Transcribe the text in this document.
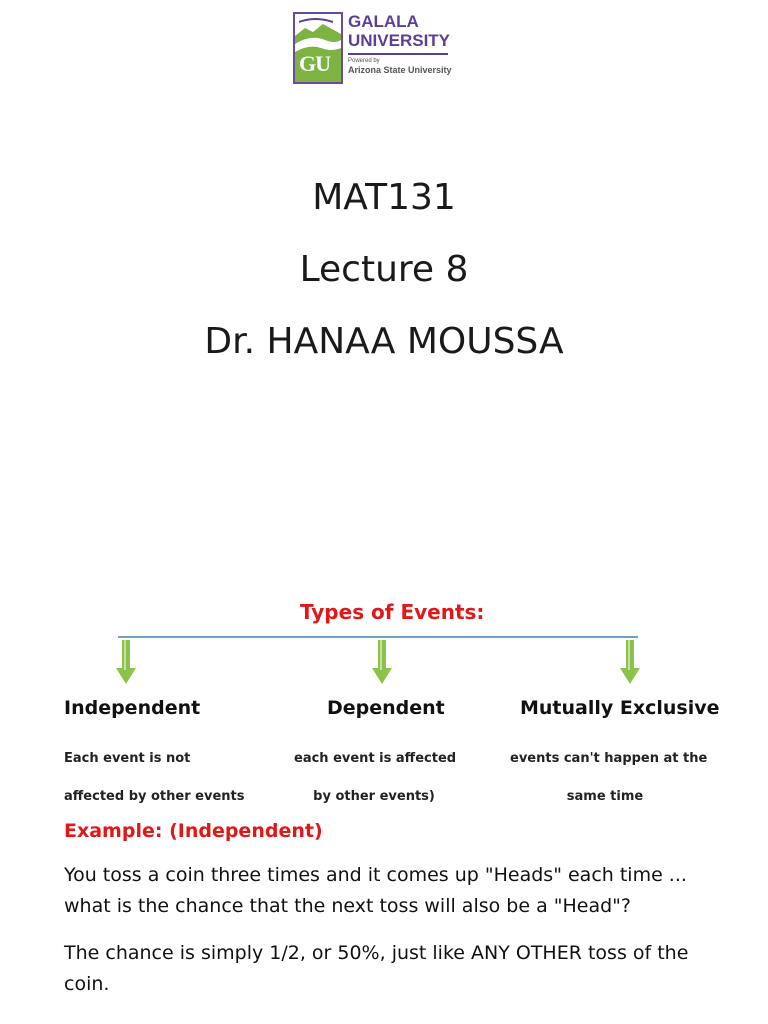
GU
GALALA
UNIVERSITY
Powered by
Arizona State University
MAT131
Lecture 8
Dr. HANAA MOUSSA
Types of Events:
Independent	Dependent	Mutually Exclusive
Each event is not
affected by other events
each event is affected
by other events)
events can't happen at the
same time
Example: (Independent)
You toss a coin three times and it comes up "Heads" each time ... what is the chance that the next toss will also be a "Head"?
The chance is simply 1/2, or 50%, just like ANY OTHER toss of the coin.
